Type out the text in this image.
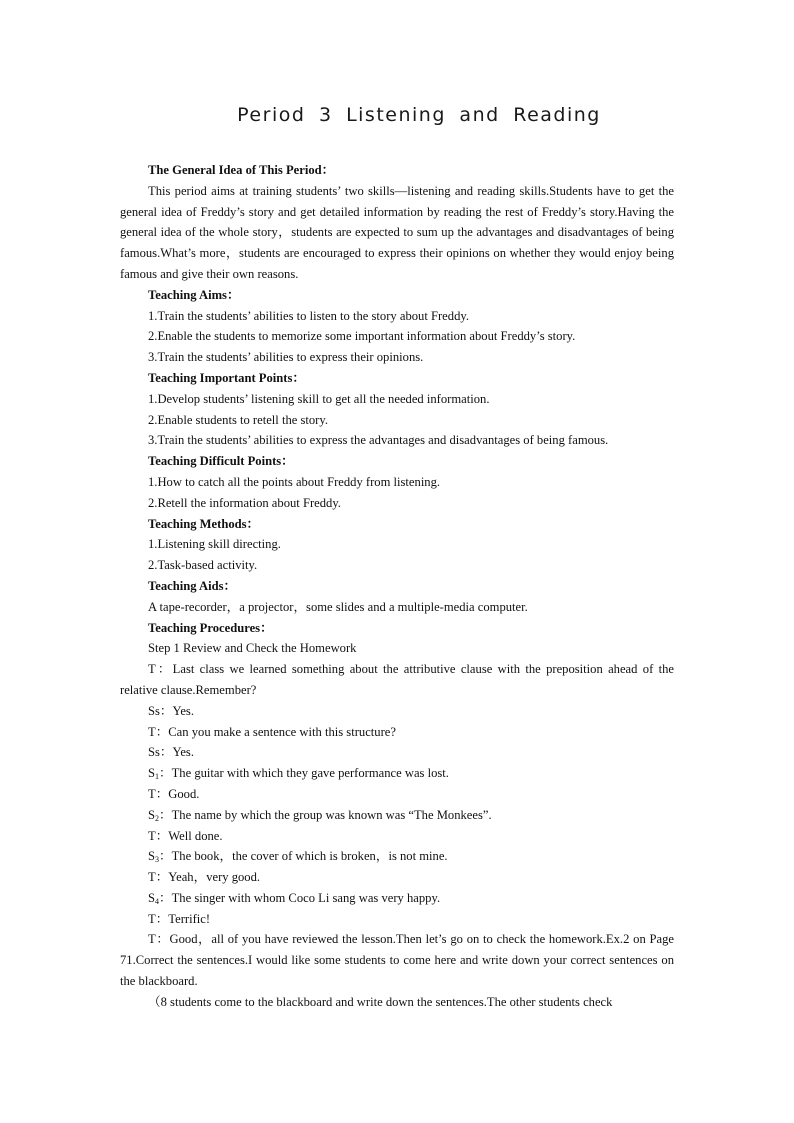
Period 3 Listening and Reading

The General Idea of This Period：

This period aims at training students’ two skills—listening and reading skills.Students have to get the general idea of Freddy’s story and get detailed information by reading the rest of Freddy’s story.Having the general idea of the whole story，students are expected to sum up the advantages and disadvantages of being famous.What’s more，students are encouraged to express their opinions on whether they would enjoy being famous and give their own reasons.

Teaching Aims：

1.Train the students’ abilities to listen to the story about Freddy.

2.Enable the students to memorize some important information about Freddy’s story.

3.Train the students’ abilities to express their opinions.

Teaching Important Points：

1.Develop students’ listening skill to get all the needed information.

2.Enable students to retell the story.

3.Train the students’ abilities to express the advantages and disadvantages of being famous.

Teaching Difficult Points：

1.How to catch all the points about Freddy from listening.

2.Retell the information about Freddy.

Teaching Methods：

1.Listening skill directing.

2.Task-based activity.

Teaching Aids：

A tape-recorder，a projector，some slides and a multiple-media computer.

Teaching Procedures：

Step 1 Review and Check the Homework

T：Last class we learned something about the attributive clause with the preposition ahead of the relative clause.Remember?

Ss：Yes.

T：Can you make a sentence with this structure?

Ss：Yes.

$S_1$：The guitar with which they gave performance was lost.

T：Good.

$S_2$：The name by which the group was known was “The Monkees”.

T：Well done.

$S_3$：The book，the cover of which is broken，is not mine.

T：Yeah，very good.

$S_4$：The singer with whom Coco Li sang was very happy.

T：Terrific!

T：Good，all of you have reviewed the lesson.Then let’s go on to check the homework.Ex.2 on Page 71.Correct the sentences.I would like some students to come here and write down your correct sentences on the blackboard.

（8 students come to the blackboard and write down the sentences.The other students check
